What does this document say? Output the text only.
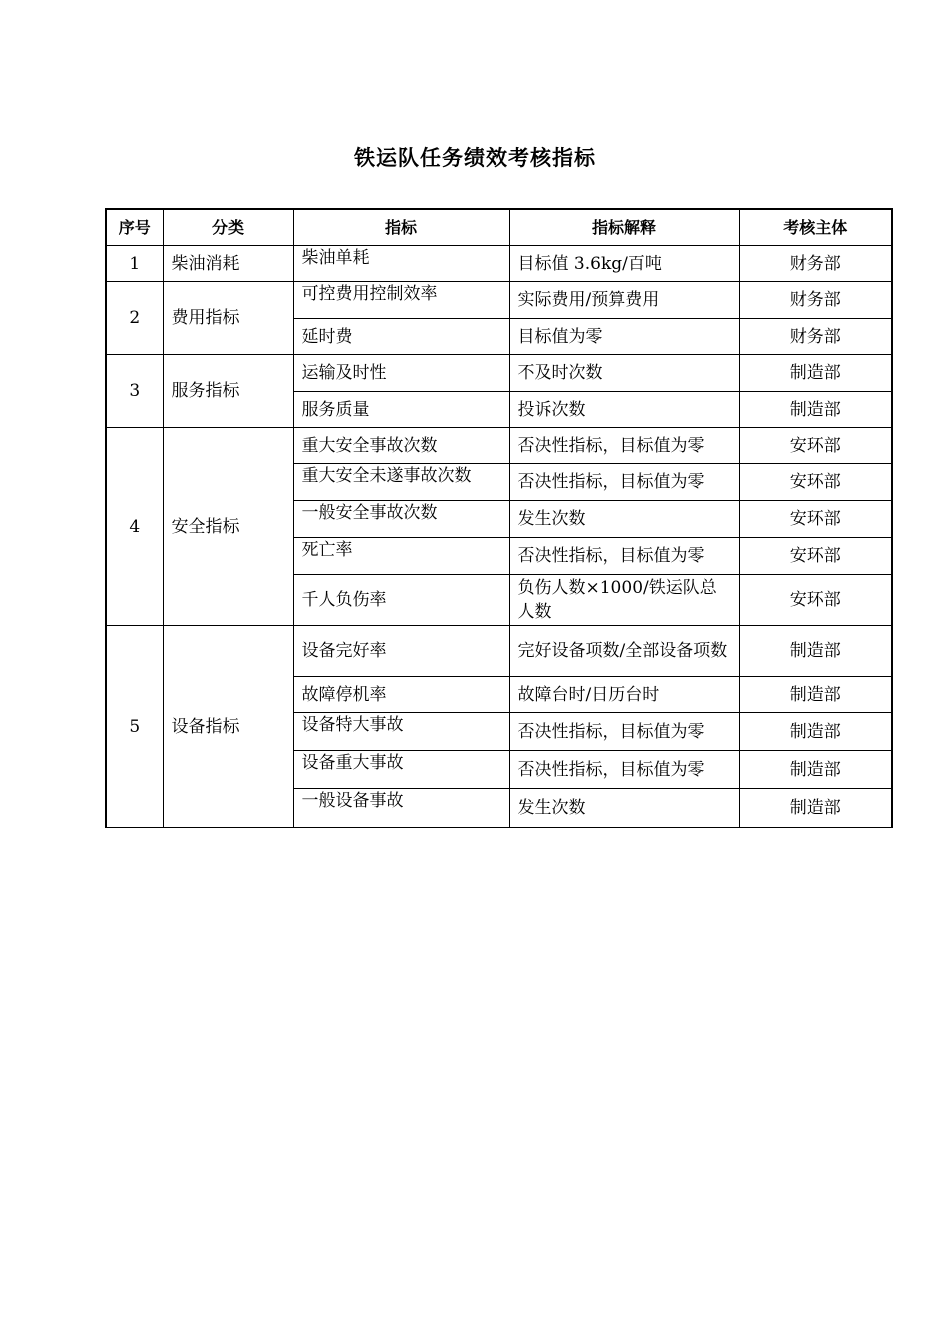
铁运队任务绩效考核指标
序号	分类	指标	指标解释	考核主体
1	柴油消耗	柴油单耗	目标值 3.6kg/百吨	财务部
2	费用指标	可控费用控制效率	实际费用/预算费用	财务部
		延时费	目标值为零	财务部
3	服务指标	运输及时性	不及时次数	制造部
		服务质量	投诉次数	制造部
4	安全指标	重大安全事故次数	否决性指标，目标值为零	安环部
		重大安全未遂事故次数	否决性指标，目标值为零	安环部
		一般安全事故次数	发生次数	安环部
		死亡率	否决性指标，目标值为零	安环部
		千人负伤率	负伤人数×1000/铁运队总人数	安环部
5	设备指标	设备完好率	完好设备项数/全部设备项数	制造部
		故障停机率	故障台时/日历台时	制造部
		设备特大事故	否决性指标，目标值为零	制造部
		设备重大事故	否决性指标，目标值为零	制造部
		一般设备事故	发生次数	制造部
